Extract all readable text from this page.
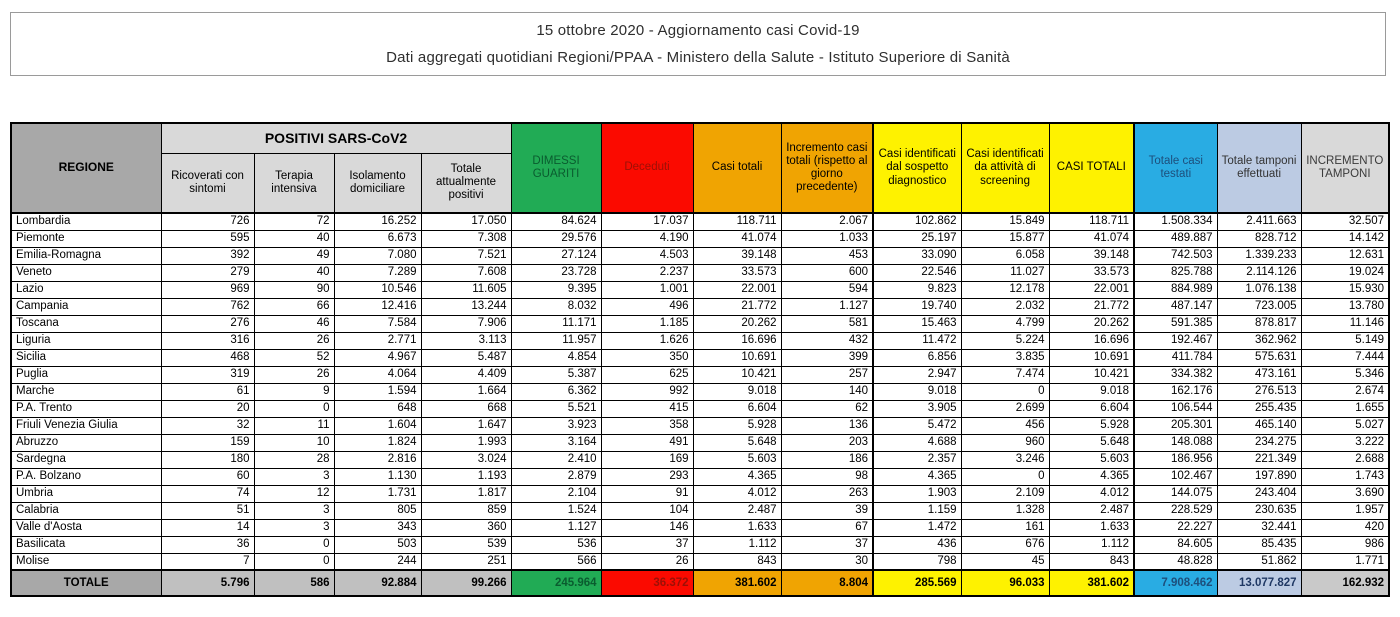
15 ottobre 2020 - Aggiornamento casi Covid-19
Dati aggregati quotidiani Regioni/PPAA - Ministero della Salute - Istituto Superiore di Sanità
REGIONE	POSITIVI SARS-CoV2				DIMESSI GUARITI	Deceduti	Casi totali	Incremento casi totali (rispetto al giorno precedente)	Casi identificati dal sospetto diagnostico	Casi identificati da attività di screening	CASI TOTALI	Totale casi testati	Totale tamponi effettuati	INCREMENTO TAMPONI
	Ricoverati con sintomi	Terapia intensiva	Isolamento domiciliare	Totale attualmente positivi										
Lombardia	726	72	16.252	17.050	84.624	17.037	118.711	2.067	102.862	15.849	118.711	1.508.334	2.411.663	32.507
Piemonte	595	40	6.673	7.308	29.576	4.190	41.074	1.033	25.197	15.877	41.074	489.887	828.712	14.142
Emilia-Romagna	392	49	7.080	7.521	27.124	4.503	39.148	453	33.090	6.058	39.148	742.503	1.339.233	12.631
Veneto	279	40	7.289	7.608	23.728	2.237	33.573	600	22.546	11.027	33.573	825.788	2.114.126	19.024
Lazio	969	90	10.546	11.605	9.395	1.001	22.001	594	9.823	12.178	22.001	884.989	1.076.138	15.930
Campania	762	66	12.416	13.244	8.032	496	21.772	1.127	19.740	2.032	21.772	487.147	723.005	13.780
Toscana	276	46	7.584	7.906	11.171	1.185	20.262	581	15.463	4.799	20.262	591.385	878.817	11.146
Liguria	316	26	2.771	3.113	11.957	1.626	16.696	432	11.472	5.224	16.696	192.467	362.962	5.149
Sicilia	468	52	4.967	5.487	4.854	350	10.691	399	6.856	3.835	10.691	411.784	575.631	7.444
Puglia	319	26	4.064	4.409	5.387	625	10.421	257	2.947	7.474	10.421	334.382	473.161	5.346
Marche	61	9	1.594	1.664	6.362	992	9.018	140	9.018	0	9.018	162.176	276.513	2.674
P.A. Trento	20	0	648	668	5.521	415	6.604	62	3.905	2.699	6.604	106.544	255.435	1.655
Friuli Venezia Giulia	32	11	1.604	1.647	3.923	358	5.928	136	5.472	456	5.928	205.301	465.140	5.027
Abruzzo	159	10	1.824	1.993	3.164	491	5.648	203	4.688	960	5.648	148.088	234.275	3.222
Sardegna	180	28	2.816	3.024	2.410	169	5.603	186	2.357	3.246	5.603	186.956	221.349	2.688
P.A. Bolzano	60	3	1.130	1.193	2.879	293	4.365	98	4.365	0	4.365	102.467	197.890	1.743
Umbria	74	12	1.731	1.817	2.104	91	4.012	263	1.903	2.109	4.012	144.075	243.404	3.690
Calabria	51	3	805	859	1.524	104	2.487	39	1.159	1.328	2.487	228.529	230.635	1.957
Valle d'Aosta	14	3	343	360	1.127	146	1.633	67	1.472	161	1.633	22.227	32.441	420
Basilicata	36	0	503	539	536	37	1.112	37	436	676	1.112	84.605	85.435	986
Molise	7	0	244	251	566	26	843	30	798	45	843	48.828	51.862	1.771
TOTALE	5.796	586	92.884	99.266	245.964	36.372	381.602	8.804	285.569	96.033	381.602	7.908.462	13.077.827	162.932
